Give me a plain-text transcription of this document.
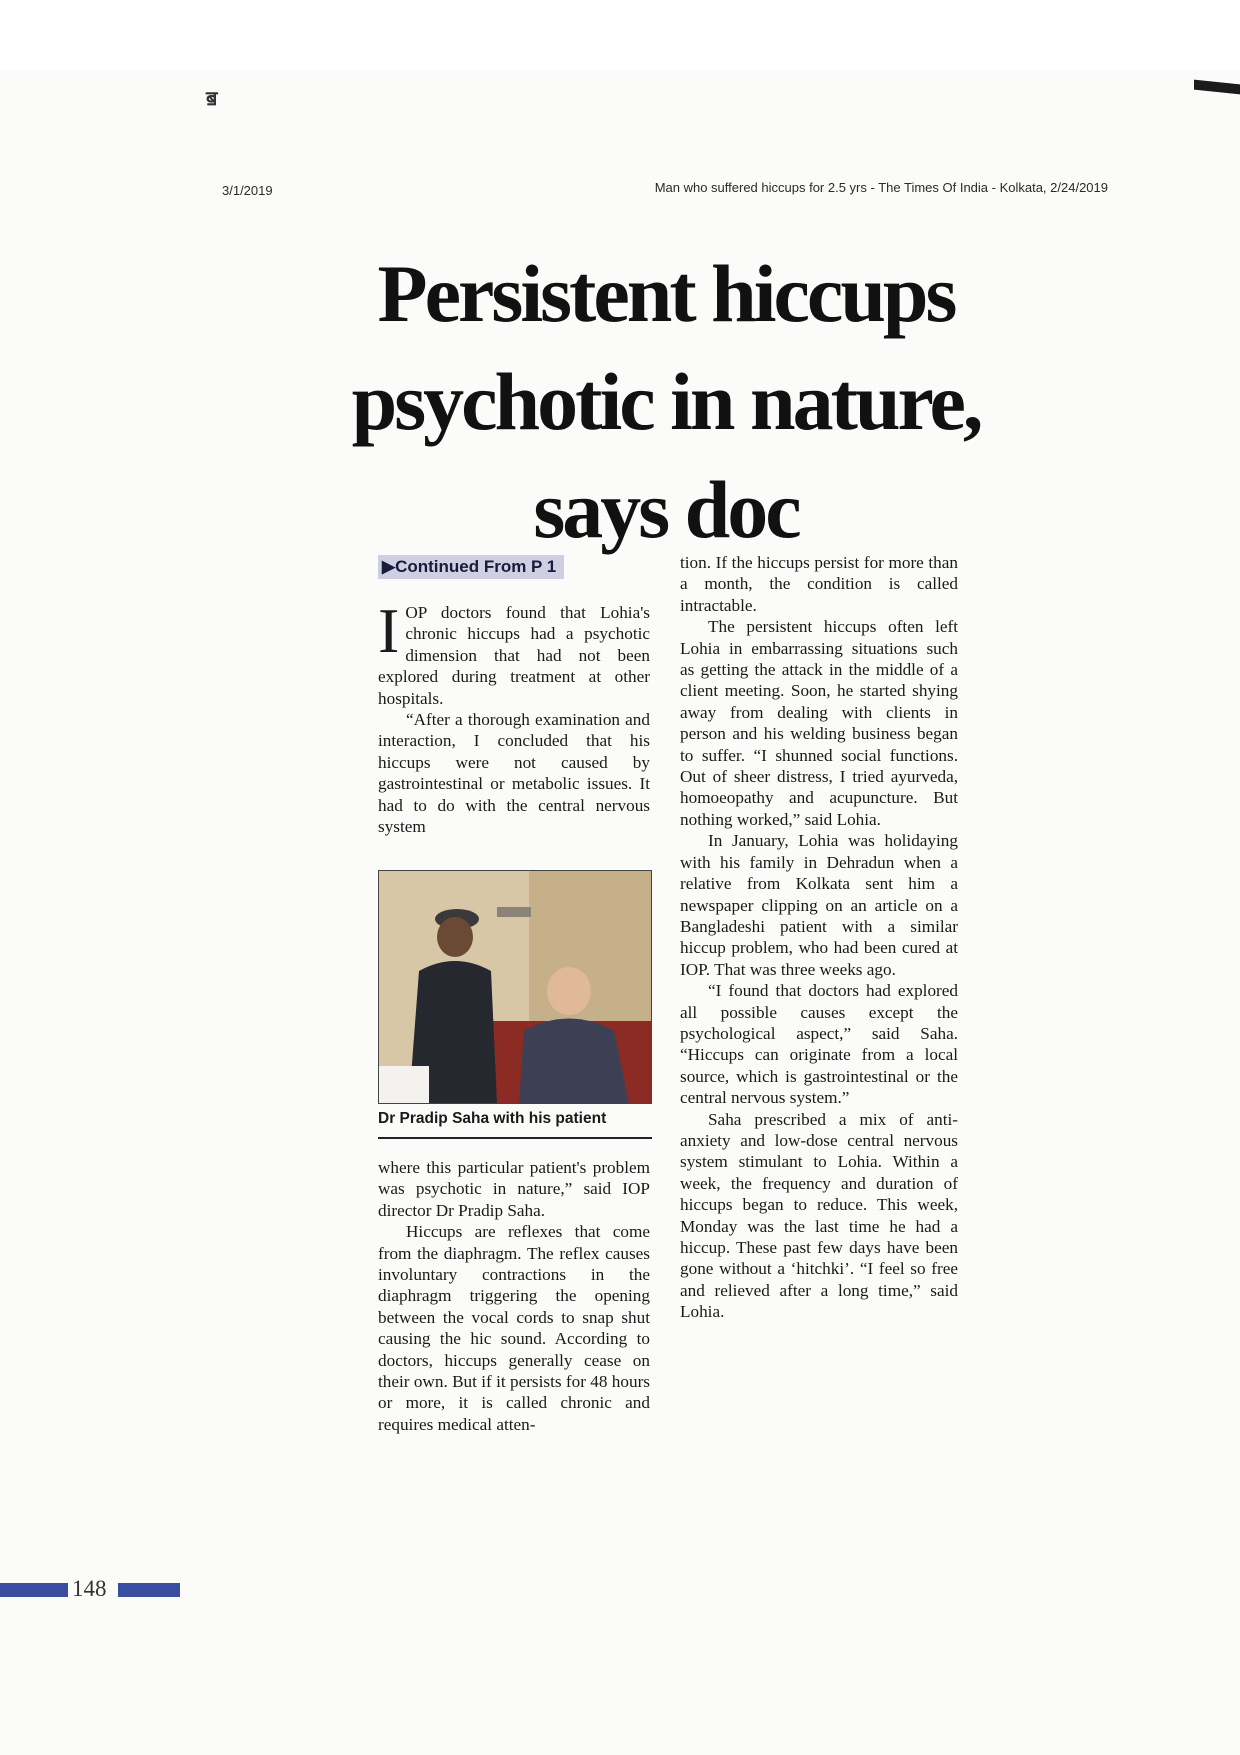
ॿ
3/1/2019	Man who suffered hiccups for 2.5 yrs - The Times Of India - Kolkata, 2/24/2019
Persistent hiccups psychotic in nature, says doc
▶Continued From P 1

IOP doctors found that Lohia's chronic hiccups had a psychotic dimension that had not been explored during treatment at other hospitals.

“After a thorough examination and interaction, I concluded that his hiccups were not caused by gastrointestinal or metabolic issues. It had to do with the central nervous system

Dr Pradip Saha with his patient

where this particular patient's problem was psychotic in nature,” said IOP director Dr Pradip Saha.

Hiccups are reflexes that come from the diaphragm. The reflex causes involuntary contractions in the diaphragm triggering the opening between the vocal cords to snap shut causing the hic sound. According to doctors, hiccups generally cease on their own. But if it persists for 48 hours or more, it is called chronic and requires medical atten-

tion. If the hiccups persist for more than a month, the condition is called intractable.

The persistent hiccups often left Lohia in embarrassing situations such as getting the attack in the middle of a client meeting. Soon, he started shying away from dealing with clients in person and his welding business began to suffer. “I shunned social functions. Out of sheer distress, I tried ayurveda, homoeopathy and acupuncture. But nothing worked,” said Lohia.

In January, Lohia was holidaying with his family in Dehradun when a relative from Kolkata sent him a newspaper clipping on an article on a Bangladeshi patient with a similar hiccup problem, who had been cured at IOP. That was three weeks ago.

“I found that doctors had explored all possible causes except the psychological aspect,” said Saha. “Hiccups can originate from a local source, which is gastrointestinal or the central nervous system.”

Saha prescribed a mix of anti-anxiety and low-dose central nervous system stimulant to Lohia. Within a week, the frequency and duration of hiccups began to reduce. This week, Monday was the last time he had a hiccup. These past few days have been gone without a ‘hitchki’. “I feel so free and relieved after a long time,” said Lohia.

148
